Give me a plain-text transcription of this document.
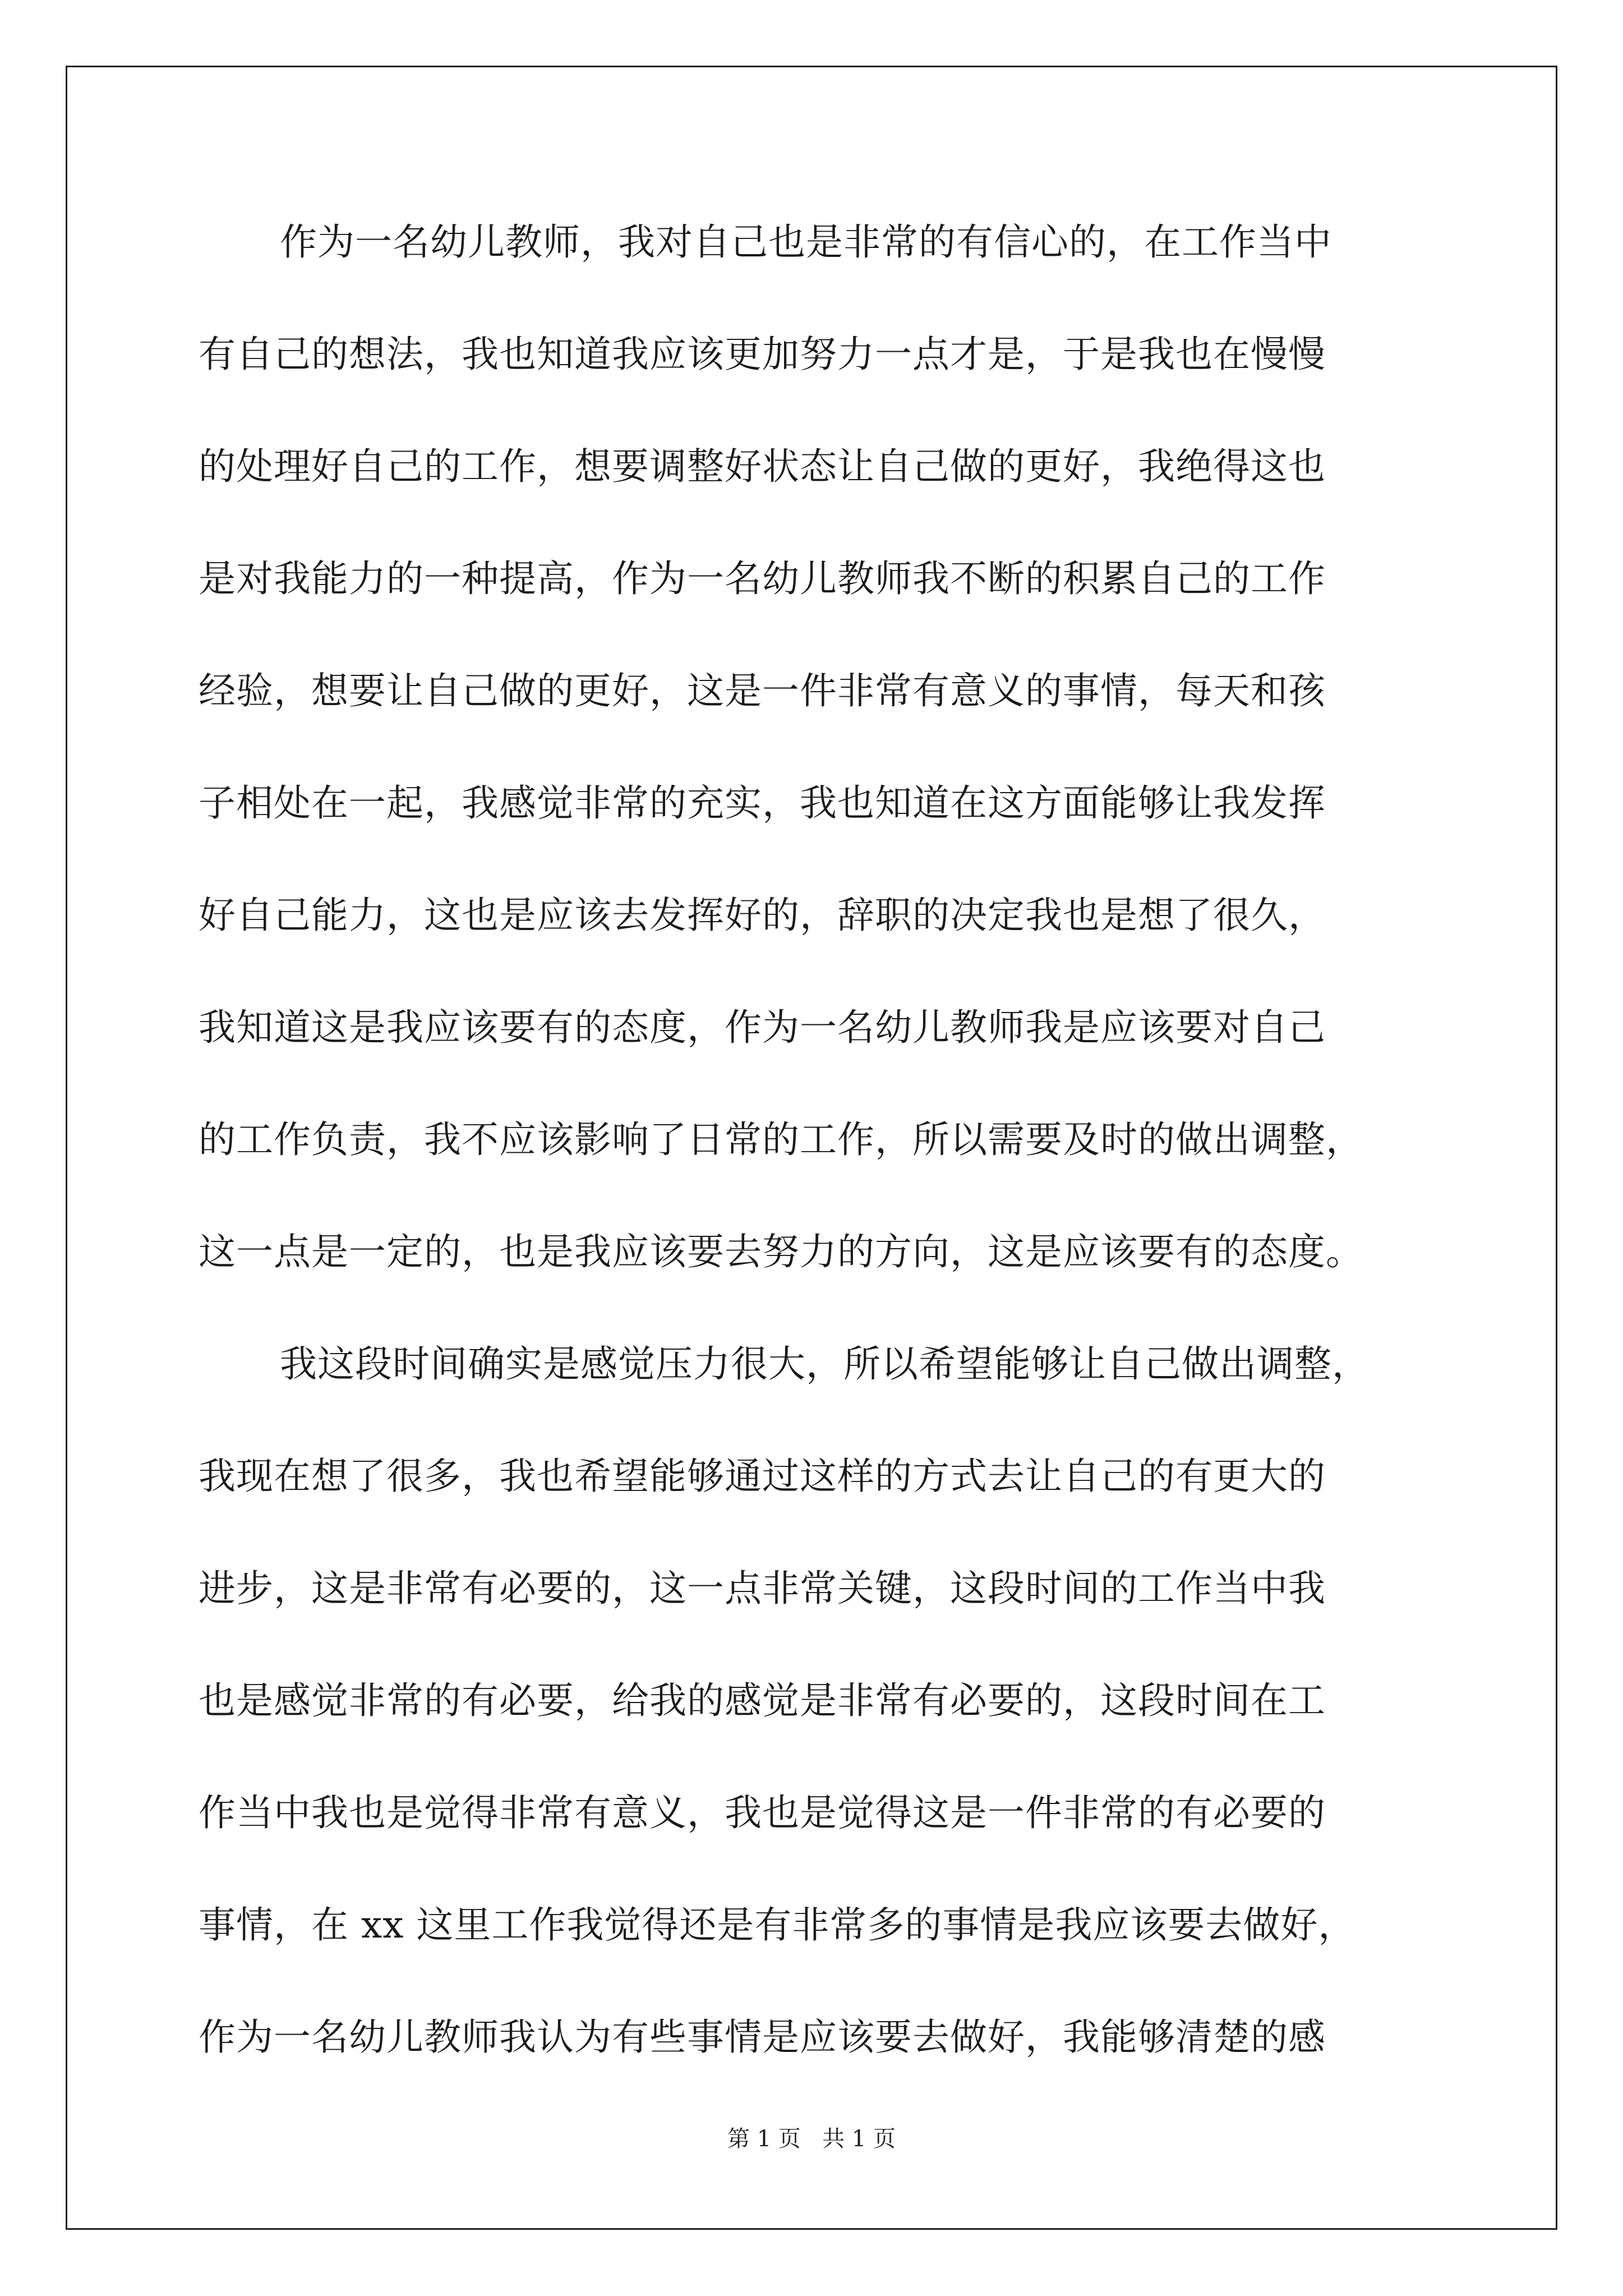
作为一名幼儿教师，我对自己也是非常的有信心的，在工作当中
有自己的想法，我也知道我应该更加努力一点才是，于是我也在慢慢
的处理好自己的工作，想要调整好状态让自己做的更好，我绝得这也
是对我能力的一种提高，作为一名幼儿教师我不断的积累自己的工作
经验，想要让自己做的更好，这是一件非常有意义的事情，每天和孩
子相处在一起，我感觉非常的充实，我也知道在这方面能够让我发挥
好自己能力，这也是应该去发挥好的，辞职的决定我也是想了很久，
我知道这是我应该要有的态度，作为一名幼儿教师我是应该要对自己
的工作负责，我不应该影响了日常的工作，所以需要及时的做出调整，
这一点是一定的，也是我应该要去努力的方向，这是应该要有的态度。
我这段时间确实是感觉压力很大，所以希望能够让自己做出调整，
我现在想了很多，我也希望能够通过这样的方式去让自己的有更大的
进步，这是非常有必要的，这一点非常关键，这段时间的工作当中我
也是感觉非常的有必要，给我的感觉是非常有必要的，这段时间在工
作当中我也是觉得非常有意义，我也是觉得这是一件非常的有必要的
事情，在 xx 这里工作我觉得还是有非常多的事情是我应该要去做好，
作为一名幼儿教师我认为有些事情是应该要去做好，我能够清楚的感
第 1 页   共 1 页
